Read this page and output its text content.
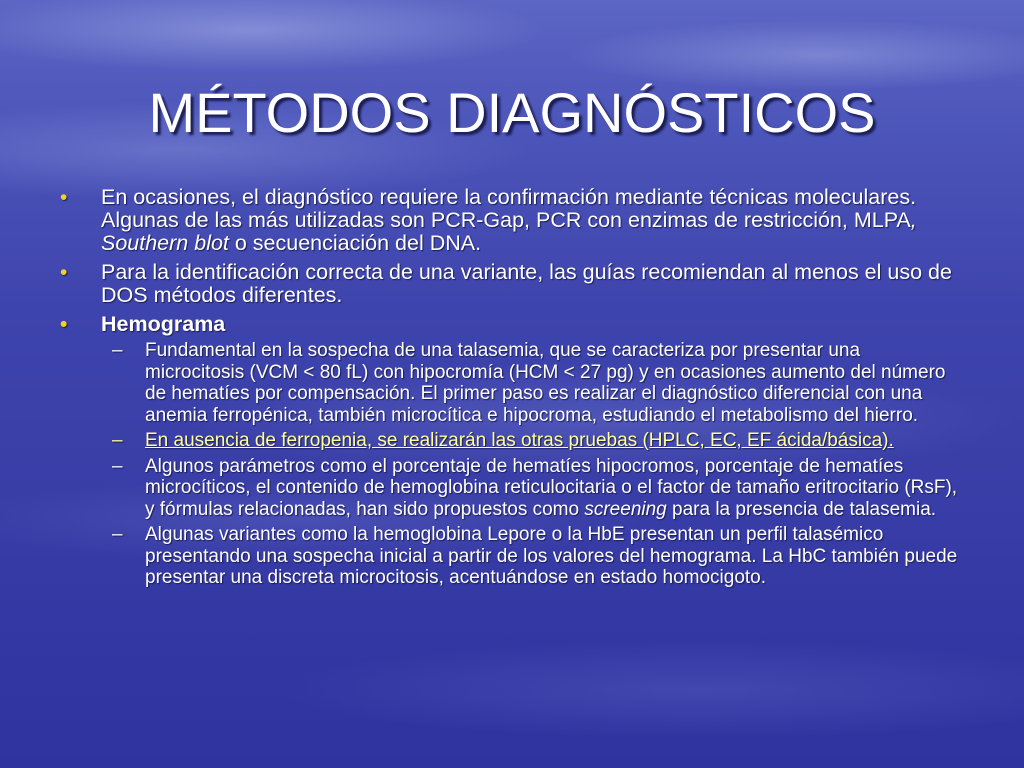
MÉTODOS DIAGNÓSTICOS
• En ocasiones, el diagnóstico requiere la confirmación mediante técnicas moleculares. Algunas de las más utilizadas son PCR-Gap, PCR con enzimas de restricción, MLPA, Southern blot o secuenciación del DNA.
• Para la identificación correcta de una variante, las guías recomiendan al menos el uso de DOS métodos diferentes.
• Hemograma
– Fundamental en la sospecha de una talasemia, que se caracteriza por presentar una microcitosis (VCM < 80 fL) con hipocromía (HCM < 27 pg) y en ocasiones aumento del número de hematíes por compensación. El primer paso es realizar el diagnóstico diferencial con una anemia ferropénica, también microcítica e hipocroma, estudiando el metabolismo del hierro.
– En ausencia de ferropenia, se realizarán las otras pruebas (HPLC, EC, EF ácida/básica).
– Algunos parámetros como el porcentaje de hematíes hipocromos, porcentaje de hematíes microcíticos, el contenido de hemoglobina reticulocitaria o el factor de tamaño eritrocitario (RsF), y fórmulas relacionadas, han sido propuestos como screening para la presencia de talasemia.
– Algunas variantes como la hemoglobina Lepore o la HbE presentan un perfil talasémico presentando una sospecha inicial a partir de los valores del hemograma. La HbC también puede presentar una discreta microcitosis, acentuándose en estado homocigoto.
